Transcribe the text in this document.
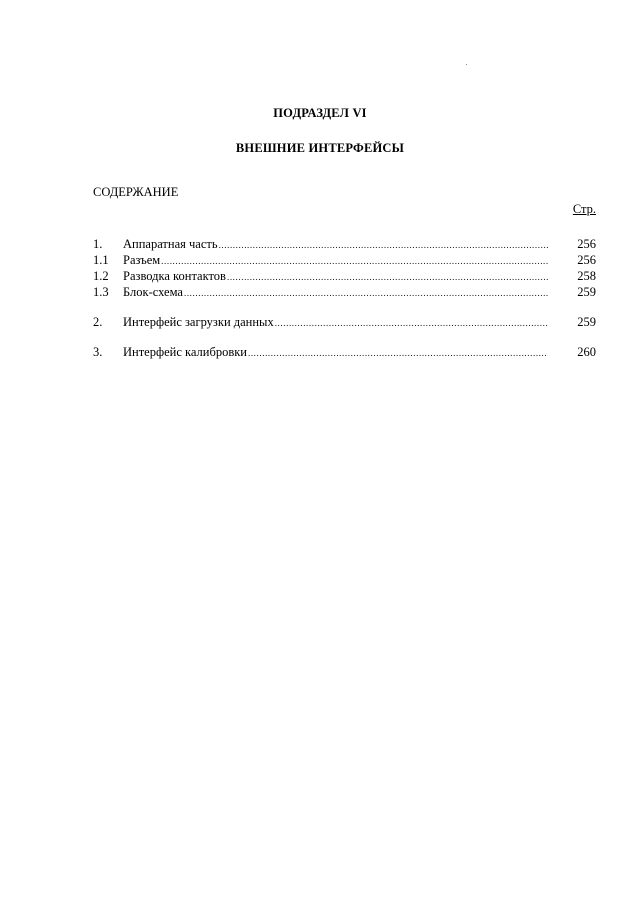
ПОДРАЗДЕЛ VI
ВНЕШНИЕ ИНТЕРФЕЙСЫ
СОДЕРЖАНИЕ
Стр.
1.	Аппаратная часть .....	256
1.1	Разъем .....	256
1.2	Разводка контактов .....	258
1.3	Блок-схема .....	259
2.	Интерфейс загрузки данных .....	259
3.	Интерфейс калибровки .....	260
